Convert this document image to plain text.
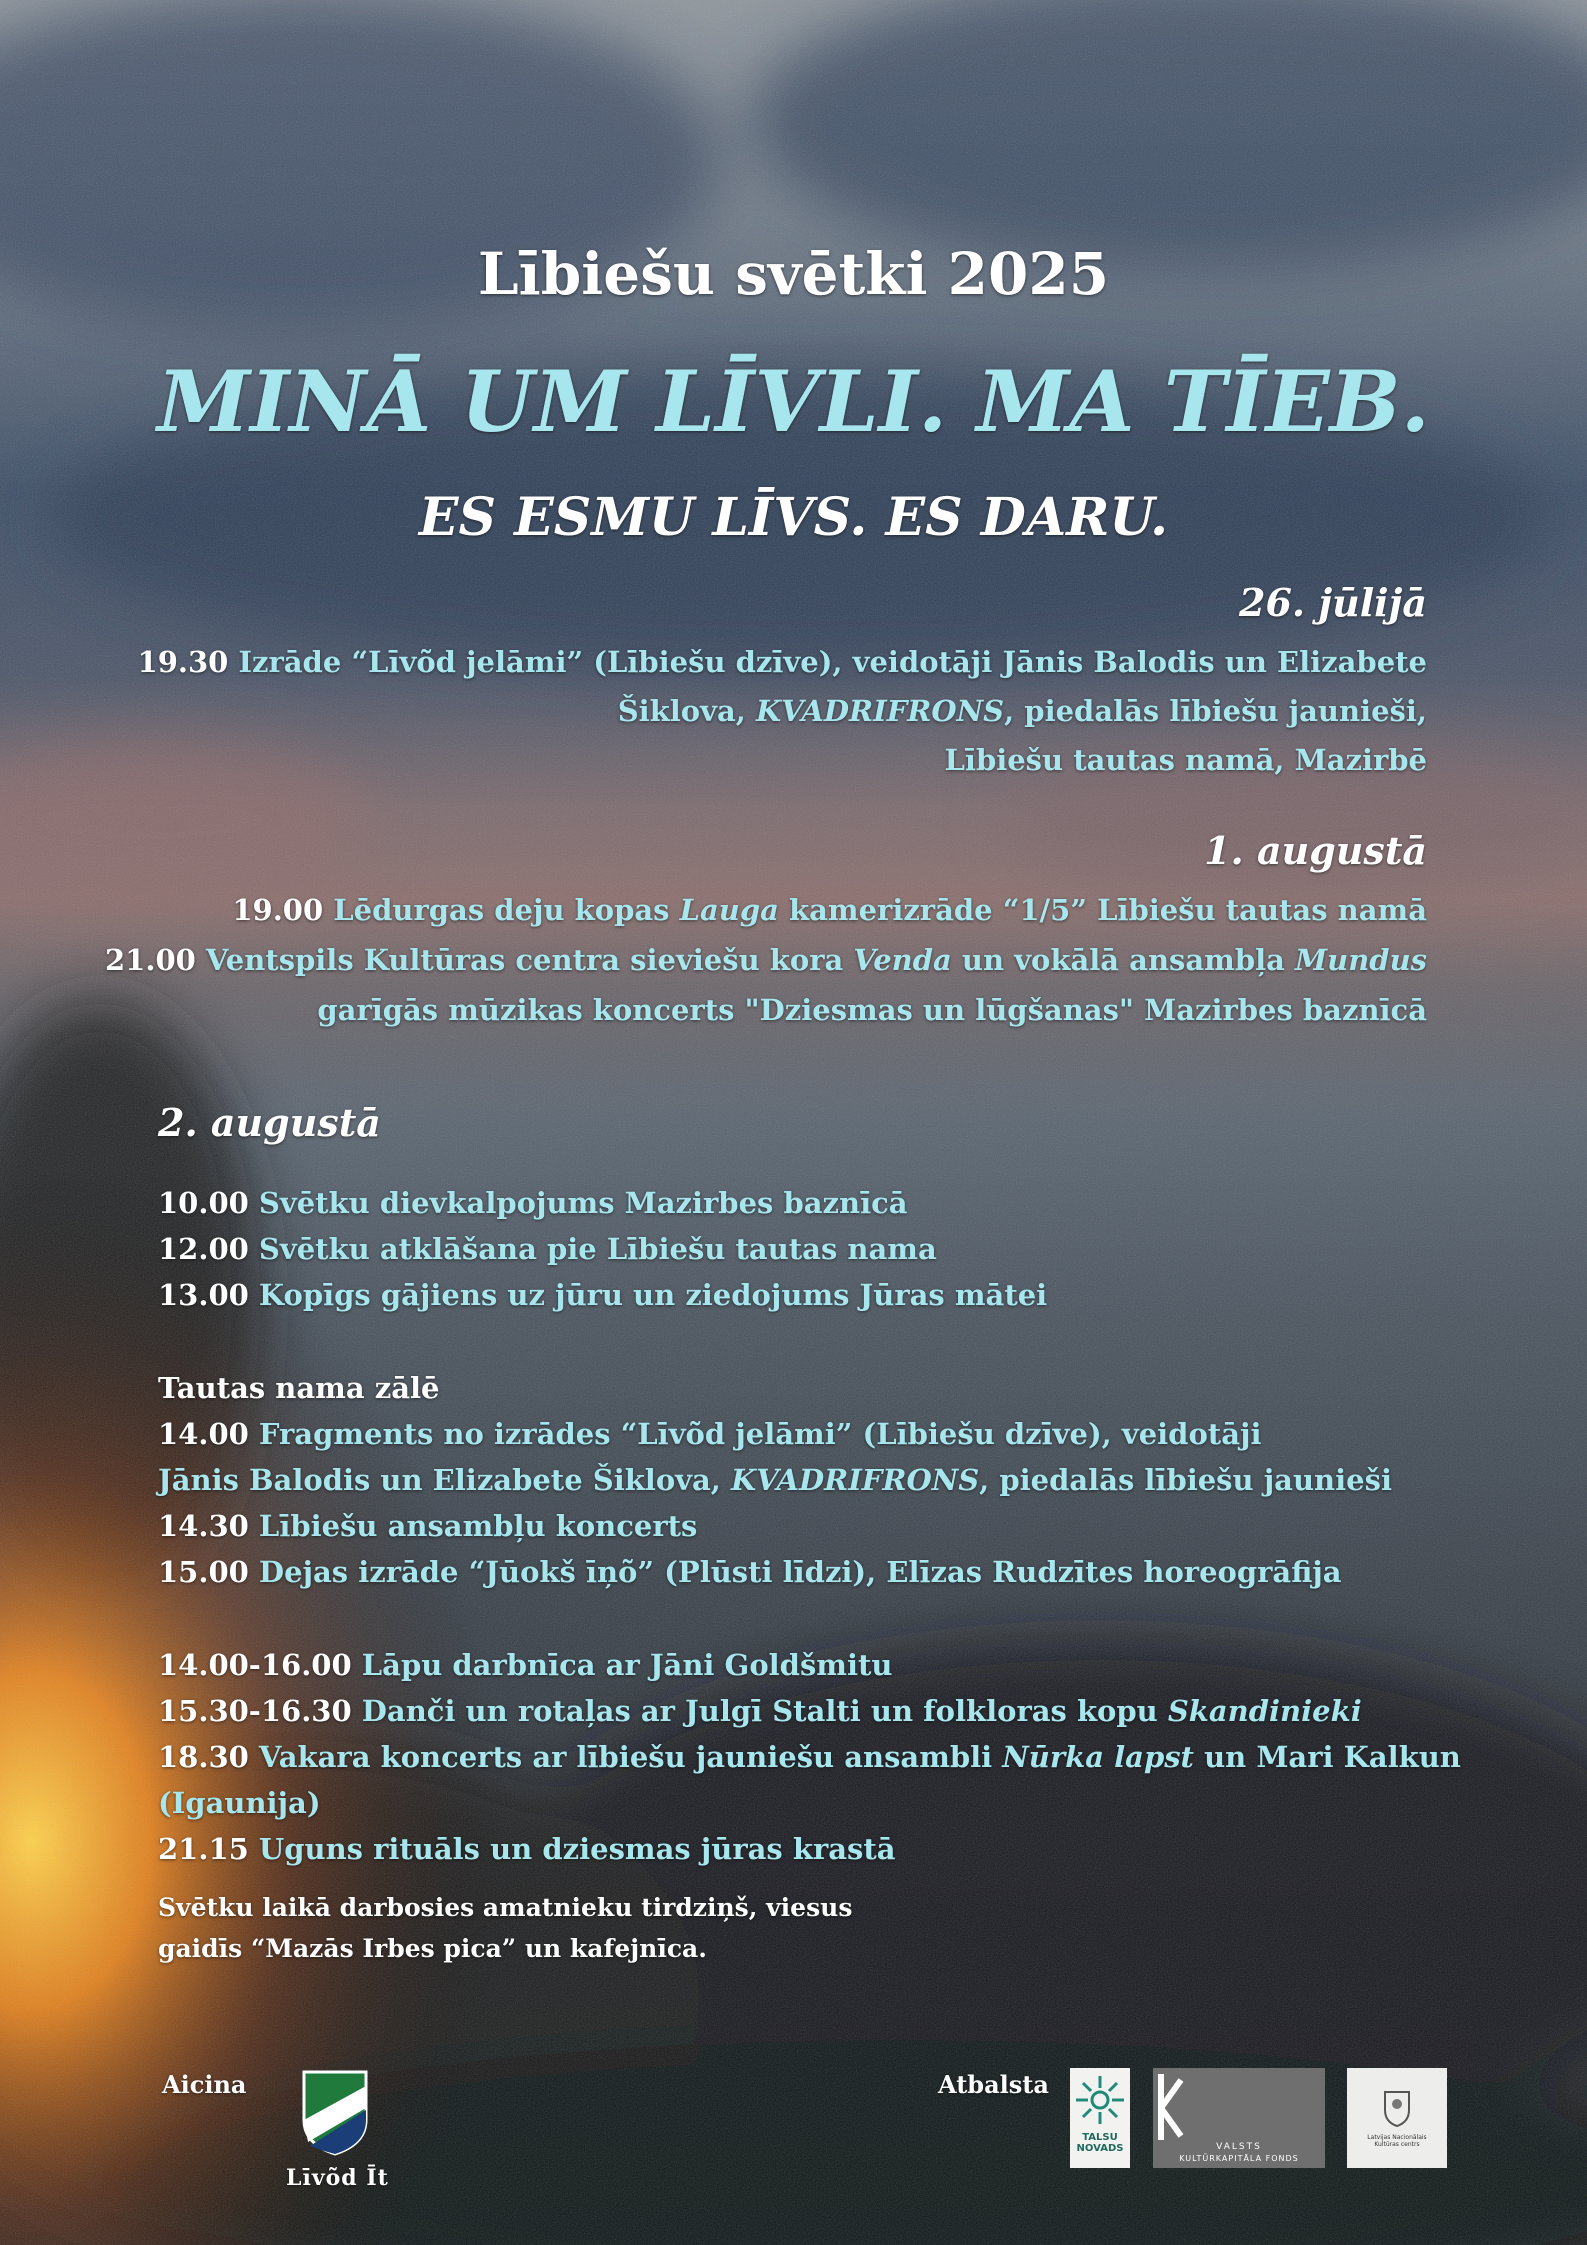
Lībiešu svētki 2025
MINĀ UM LĪVLI. MA TĪEB.
ES ESMU LĪVS. ES DARU.
26. jūlijā
19.30 Izrāde “Līvõd jelāmi” (Lībiešu dzīve), veidotāji Jānis Balodis un Elizabete
Šiklova, KVADRIFRONS, piedalās lībiešu jaunieši,
Lībiešu tautas namā, Mazirbē
1. augustā
19.00 Lēdurgas deju kopas Lauga kamerizrāde “1/5” Lībiešu tautas namā
21.00 Ventspils Kultūras centra sieviešu kora Venda un vokālā ansambļa Mundus
garīgās mūzikas koncerts "Dziesmas un lūgšanas" Mazirbes baznīcā
2. augustā
10.00 Svētku dievkalpojums Mazirbes baznīcā
12.00 Svētku atklāšana pie Lībiešu tautas nama
13.00 Kopīgs gājiens uz jūru un ziedojums Jūras mātei
Tautas nama zālē
14.00 Fragments no izrādes “Līvõd jelāmi” (Lībiešu dzīve), veidotāji
Jānis Balodis un Elizabete Šiklova, KVADRIFRONS, piedalās lībiešu jaunieši
14.30 Lībiešu ansambļu koncerts
15.00 Dejas izrāde “Jūokš īņõ” (Plūsti līdzi), Elīzas Rudzītes horeogrāfija
14.00-16.00 Lāpu darbnīca ar Jāni Goldšmitu
15.30-16.30 Danči un rotaļas ar Julgī Stalti un folkloras kopu Skandinieki
18.30 Vakara koncerts ar lībiešu jauniešu ansambli Nūrka lapst un Mari Kalkun
(Igaunija)
21.15 Uguns rituāls un dziesmas jūras krastā
Svētku laikā darbosies amatnieku tirdziņš, viesus
gaidīs “Mazās Irbes pica” un kafejnīca.
Aicina
Līvõd Īt
Atbalsta
TALSU
NOVADS	VALSTS
KULTŪRKAPITĀLA FONDS
Latvijas Nacionālais
Kultūras centrs
